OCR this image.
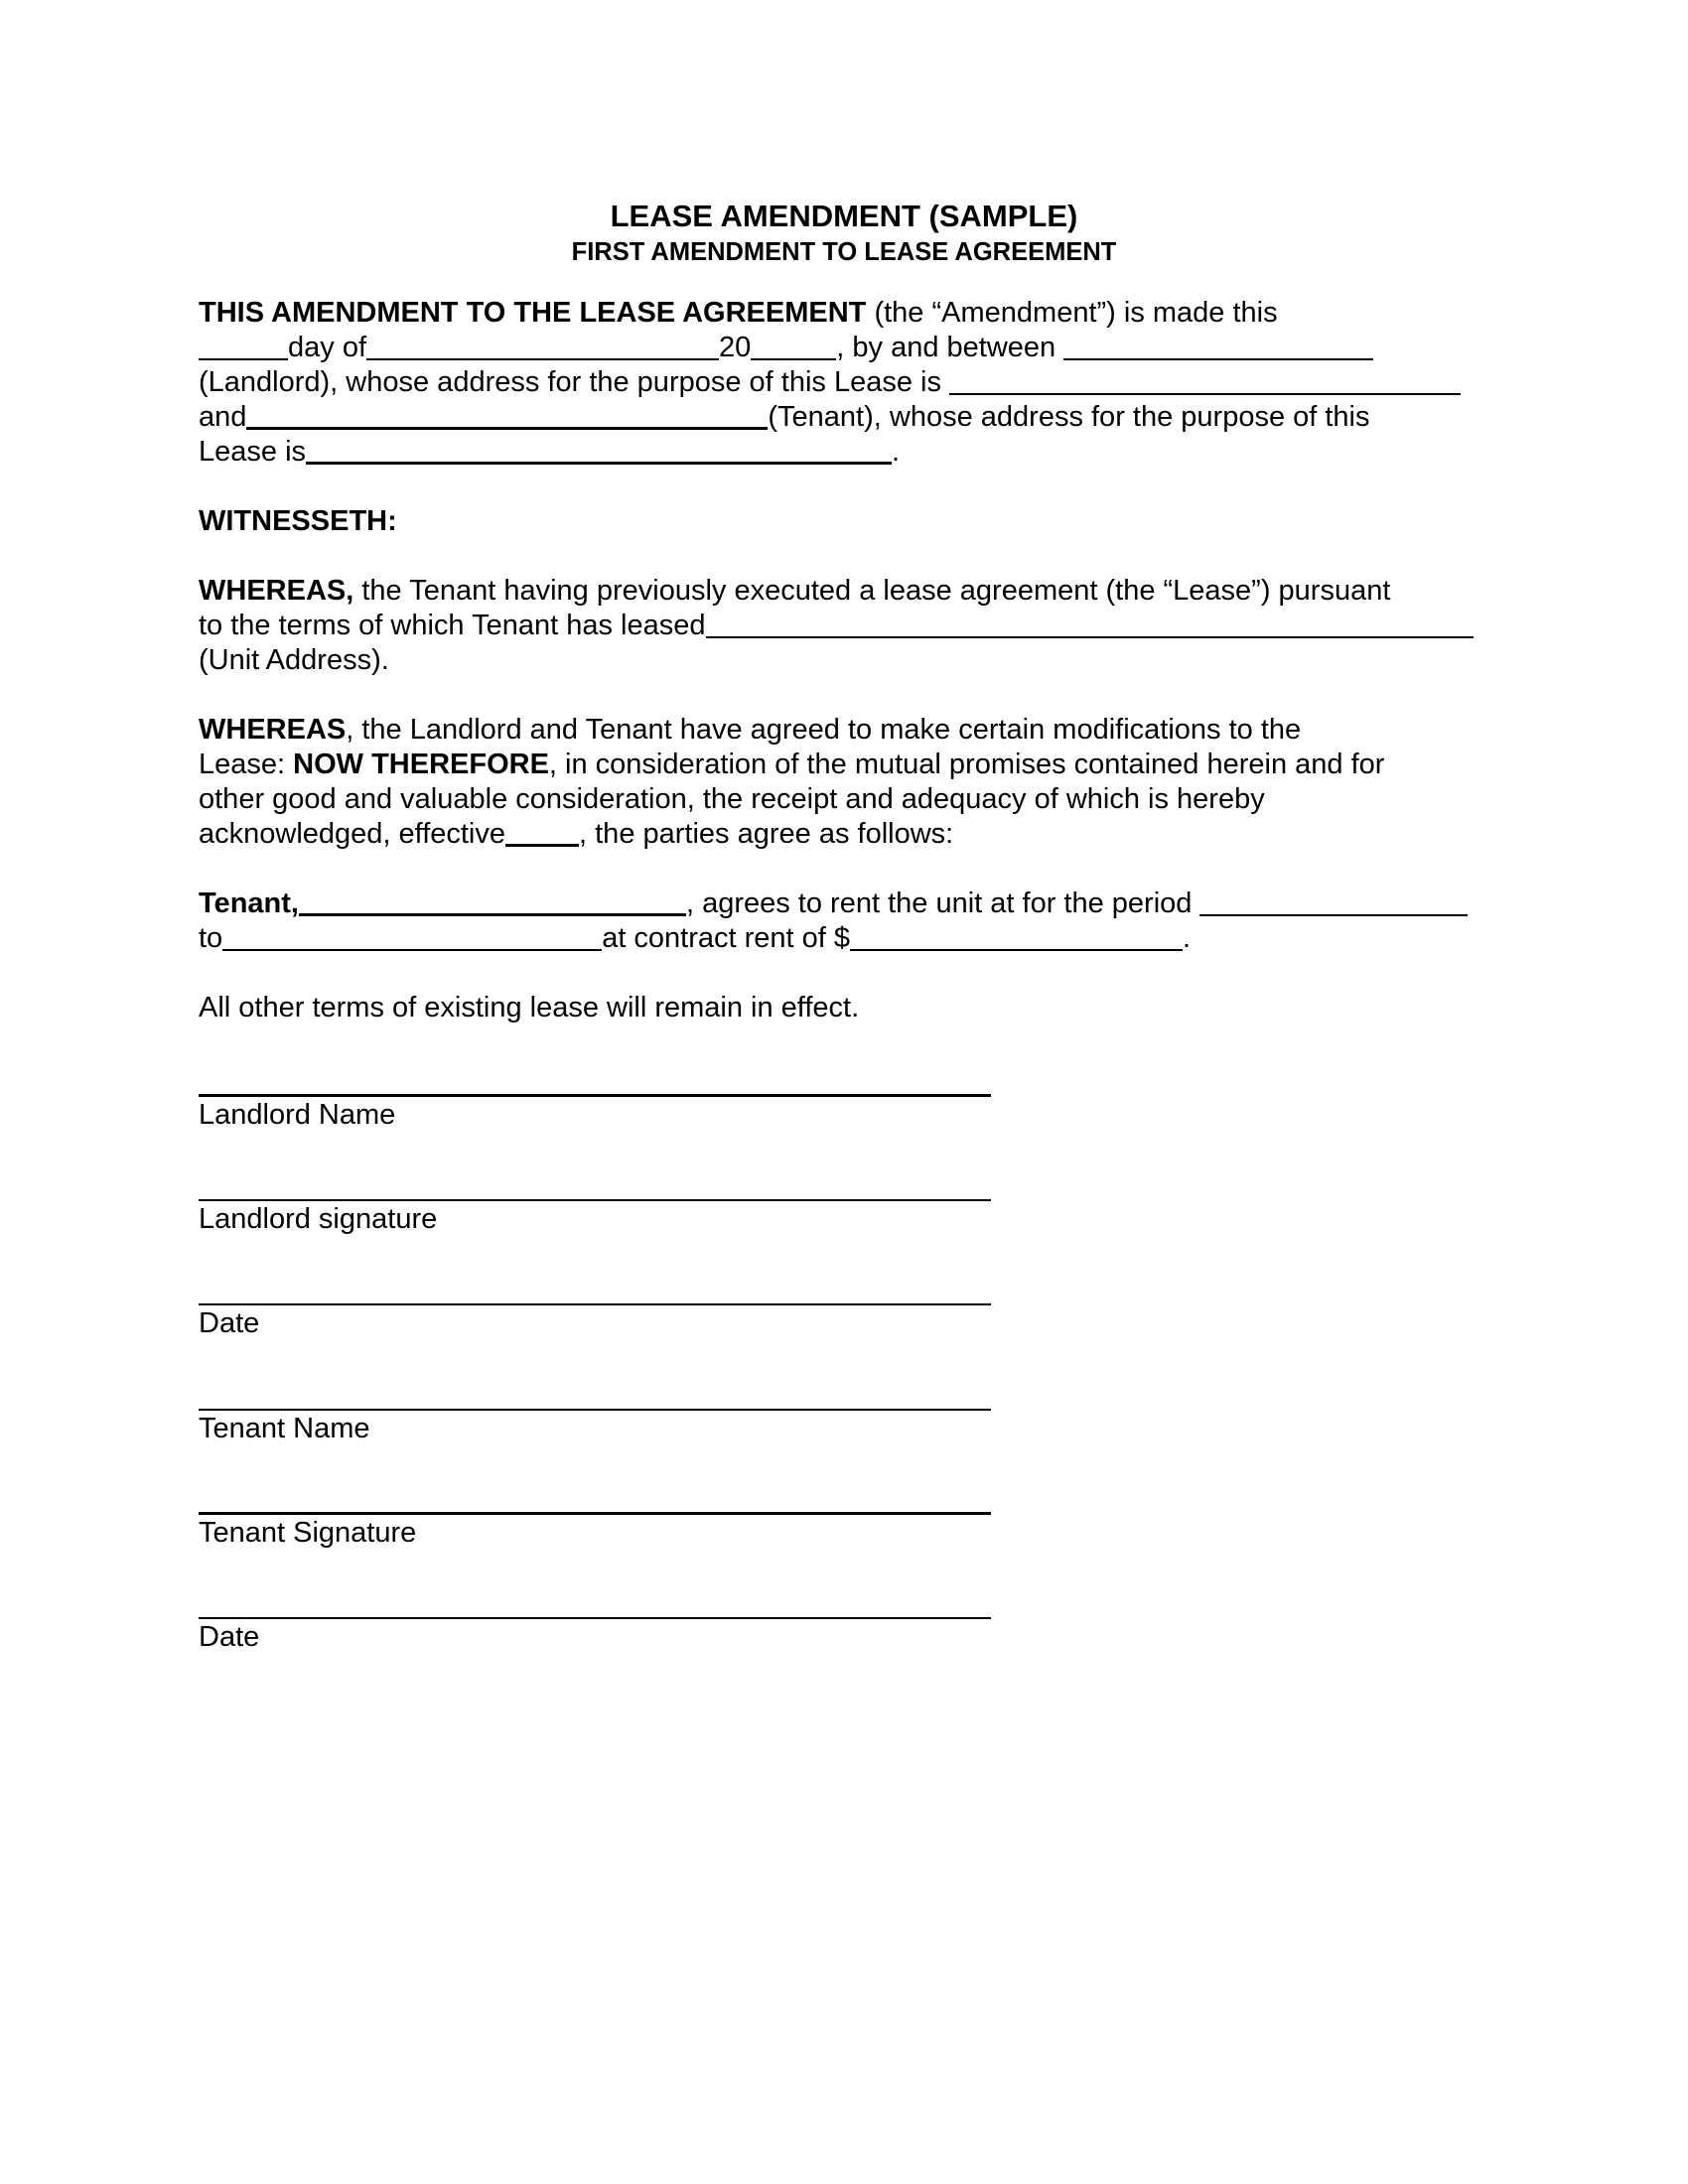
LEASE AMENDMENT (SAMPLE)
FIRST AMENDMENT TO LEASE AGREEMENT
THIS AMENDMENT TO THE LEASE AGREEMENT (the “Amendment”) is made this
day of	20	, by and between
(Landlord), whose address for the purpose of this Lease is
and	(Tenant), whose address for the purpose of this
Lease is	.
WITNESSETH:
WHEREAS, the Tenant having previously executed a lease agreement (the “Lease”) pursuant
to the terms of which Tenant has leased
(Unit Address).
WHEREAS, the Landlord and Tenant have agreed to make certain modifications to the
Lease: NOW THEREFORE, in consideration of the mutual promises contained herein and for
other good and valuable consideration, the receipt and adequacy of which is hereby
acknowledged, effective	, the parties agree as follows:
Tenant,	, agrees to rent the unit at for the period
to	at contract rent of $	.
All other terms of existing lease will remain in effect.
Landlord Name
Landlord signature
Date
Tenant Name
Tenant Signature
Date
